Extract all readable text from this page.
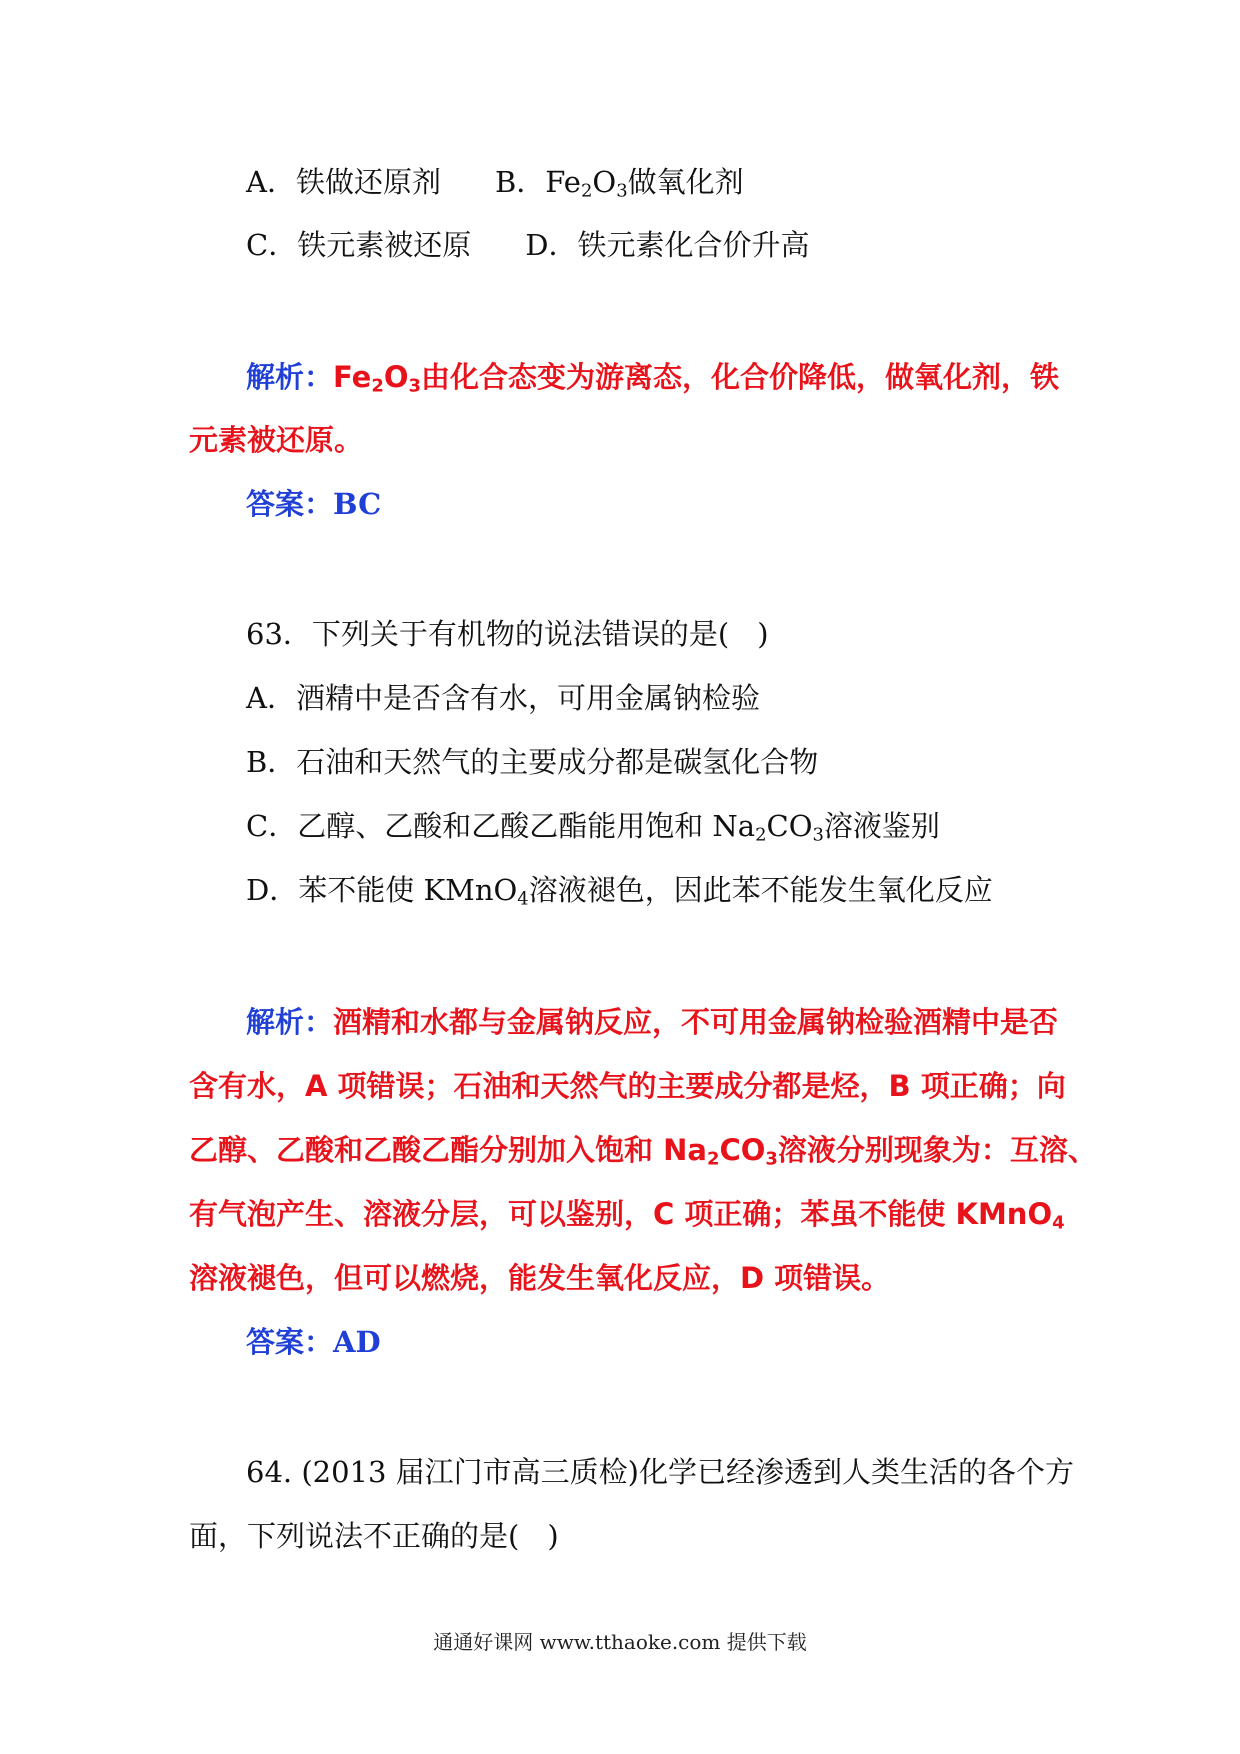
A．铁做还原剂 B．$Fe_2O_3$做氧化剂
C．铁元素被还原 D．铁元素化合价升高
解析：$Fe_2O_3$由化合态变为游离态，化合价降低，做氧化剂，铁
元素被还原。
答案：BC
63．下列关于有机物的说法错误的是( )
A．酒精中是否含有水，可用金属钠检验
B．石油和天然气的主要成分都是碳氢化合物
C．乙醇、乙酸和乙酸乙酯能用饱和 $Na_2CO_3$溶液鉴别
D．苯不能使 KMnO$_4$溶液褪色，因此苯不能发生氧化反应
解析：酒精和水都与金属钠反应，不可用金属钠检验酒精中是否
含有水，A 项错误；石油和天然气的主要成分都是烃，B 项正确；向
乙醇、乙酸和乙酸乙酯分别加入饱和 $Na_2CO_3$溶液分别现象为：互溶、
有气泡产生、溶液分层，可以鉴别，C 项正确；苯虽不能使 KMnO$_4$
溶液褪色，但可以燃烧，能发生氧化反应，D 项错误。
答案：AD
64. (2013 届江门市高三质检)化学已经渗透到人类生活的各个方
面，下列说法不正确的是( )
通通好课网 www.tthaoke.com 提供下载
